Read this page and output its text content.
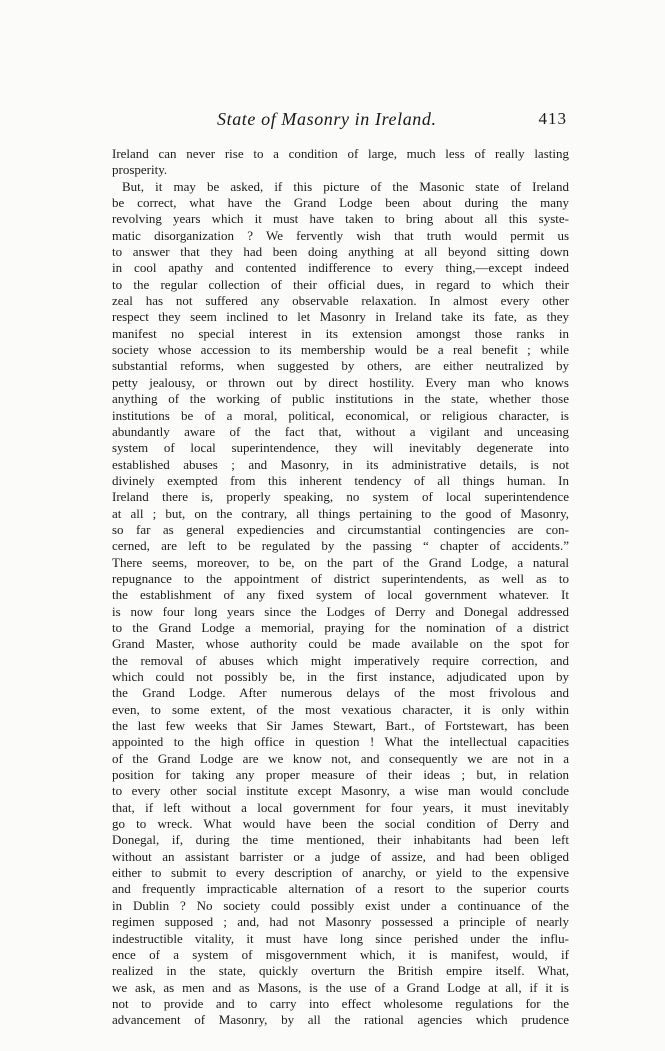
State of Masonry in Ireland.	413
Ireland can never rise to a condition of large, much less of really lasting
prosperity.
But, it may be asked, if this picture of the Masonic state of Ireland
be correct, what have the Grand Lodge been about during the many
revolving years which it must have taken to bring about all this syste-
matic disorganization ? We fervently wish that truth would permit us
to answer that they had been doing anything at all beyond sitting down
in cool apathy and contented indifference to every thing,—except indeed
to the regular collection of their official dues, in regard to which their
zeal has not suffered any observable relaxation. In almost every other
respect they seem inclined to let Masonry in Ireland take its fate, as they
manifest no special interest in its extension amongst those ranks in
society whose accession to its membership would be a real benefit ; while
substantial reforms, when suggested by others, are either neutralized by
petty jealousy, or thrown out by direct hostility. Every man who knows
anything of the working of public institutions in the state, whether those
institutions be of a moral, political, economical, or religious character, is
abundantly aware of the fact that, without a vigilant and unceasing
system of local superintendence, they will inevitably degenerate into
established abuses ; and Masonry, in its administrative details, is not
divinely exempted from this inherent tendency of all things human. In
Ireland there is, properly speaking, no system of local superintendence
at all ; but, on the contrary, all things pertaining to the good of Masonry,
so far as general expediencies and circumstantial contingencies are con-
cerned, are left to be regulated by the passing “ chapter of accidents.”
There seems, moreover, to be, on the part of the Grand Lodge, a natural
repugnance to the appointment of district superintendents, as well as to
the establishment of any fixed system of local government whatever. It
is now four long years since the Lodges of Derry and Donegal addressed
to the Grand Lodge a memorial, praying for the nomination of a district
Grand Master, whose authority could be made available on the spot for
the removal of abuses which might imperatively require correction, and
which could not possibly be, in the first instance, adjudicated upon by
the Grand Lodge. After numerous delays of the most frivolous and
even, to some extent, of the most vexatious character, it is only within
the last few weeks that Sir James Stewart, Bart., of Fortstewart, has been
appointed to the high office in question ! What the intellectual capacities
of the Grand Lodge are we know not, and consequently we are not in a
position for taking any proper measure of their ideas ; but, in relation
to every other social institute except Masonry, a wise man would conclude
that, if left without a local government for four years, it must inevitably
go to wreck. What would have been the social condition of Derry and
Donegal, if, during the time mentioned, their inhabitants had been left
without an assistant barrister or a judge of assize, and had been obliged
either to submit to every description of anarchy, or yield to the expensive
and frequently impracticable alternation of a resort to the superior courts
in Dublin ? No society could possibly exist under a continuance of the
regimen supposed ; and, had not Masonry possessed a principle of nearly
indestructible vitality, it must have long since perished under the influ-
ence of a system of misgovernment which, it is manifest, would, if
realized in the state, quickly overturn the British empire itself. What,
we ask, as men and as Masons, is the use of a Grand Lodge at all, if it is
not to provide and to carry into effect wholesome regulations for the
advancement of Masonry, by all the rational agencies which prudence
